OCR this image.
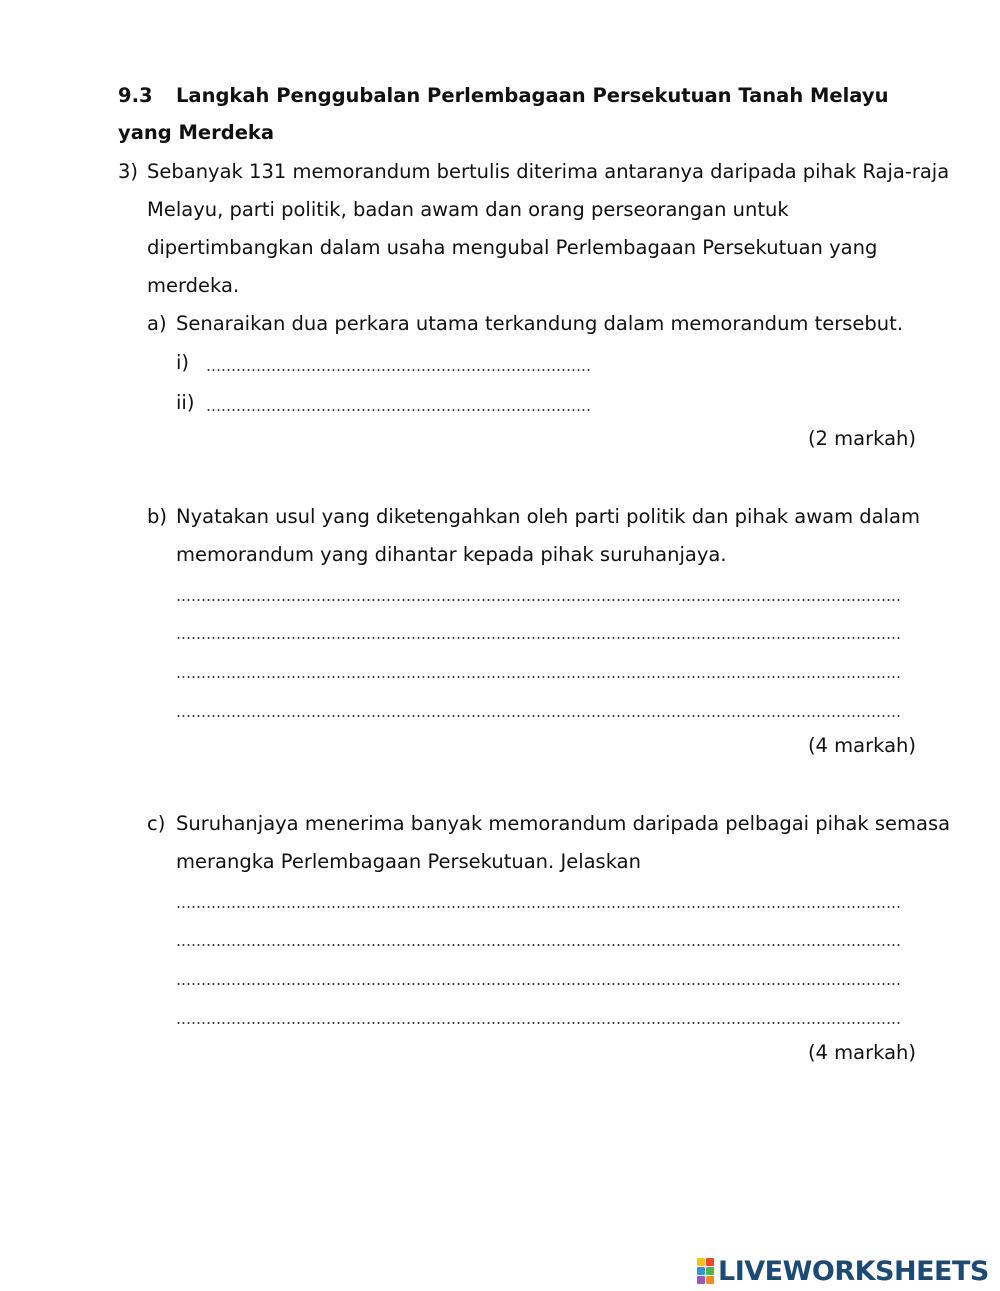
9.3 Langkah Penggubalan Perlembagaan Persekutuan Tanah Melayu
yang Merdeka
3) Sebanyak 131 memorandum bertulis diterima antaranya daripada pihak Raja-raja
Melayu, parti politik, badan awam dan orang perseorangan untuk
dipertimbangkan dalam usaha mengubal Perlembagaan Persekutuan yang
merdeka.
a) Senaraikan dua perkara utama terkandung dalam memorandum tersebut.
i)
ii)
(2 markah)
b) Nyatakan usul yang diketengahkan oleh parti politik dan pihak awam dalam
memorandum yang dihantar kepada pihak suruhanjaya.
(4 markah)
c) Suruhanjaya menerima banyak memorandum daripada pelbagai pihak semasa
merangka Perlembagaan Persekutuan. Jelaskan
(4 markah)
LIVEWORKSHEETS
